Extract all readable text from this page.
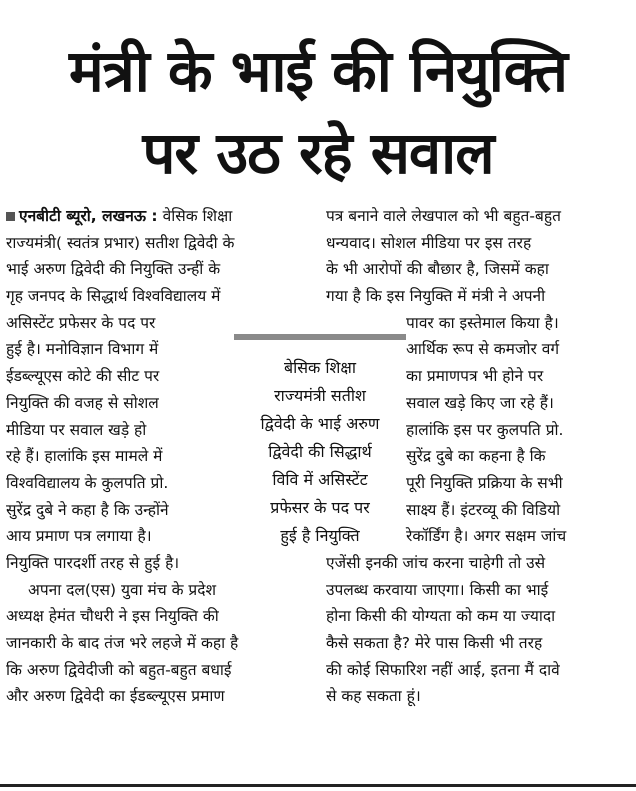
मंत्री के भाई की नियुक्ति
पर उठ रहे सवाल
एनबीटी ब्यूरो, लखनऊ : वेसिक शिक्षा
राज्यमंत्री( स्वतंत्र प्रभार) सतीश द्विवेदी के
भाई अरुण द्विवेदी की नियुक्ति उन्हीं के
गृह जनपद के सिद्धार्थ विश्वविद्यालय में
असिस्टेंट प्रफेसर के पद पर
हुई है। मनोविज्ञान विभाग में
ईडब्ल्यूएस कोटे की सीट पर
नियुक्ति की वजह से सोशल
मीडिया पर सवाल खड़े हो
रहे हैं। हालांकि इस मामले में
विश्वविद्यालय के कुलपति प्रो.
सुरेंद्र दुबे ने कहा है कि उन्होंने
आय प्रमाण पत्र लगाया है।
नियुक्ति पारदर्शी तरह से हुई है।
अपना दल(एस) युवा मंच के प्रदेश
अध्यक्ष हेमंत चौधरी ने इस नियुक्ति की
जानकारी के बाद तंज भरे लहजे में कहा है
कि अरुण द्विवेदीजी को बहुत-बहुत बधाई
और अरुण द्विवेदी का ईडब्ल्यूएस प्रमाण
पत्र बनाने वाले लेखपाल को भी बहुत-बहुत
धन्यवाद। सोशल मीडिया पर इस तरह
के भी आरोपों की बौछार है, जिसमें कहा
गया है कि इस नियुक्ति में मंत्री ने अपनी
पावर का इस्तेमाल किया है।
आर्थिक रूप से कमजोर वर्ग
का प्रमाणपत्र भी होने पर
सवाल खड़े किए जा रहे हैं।
हालांकि इस पर कुलपति प्रो.
सुरेंद्र दुबे का कहना है कि
पूरी नियुक्ति प्रक्रिया के सभी
साक्ष्य हैं। इंटरव्यू की विडियो
रेकॉर्डिंग है। अगर सक्षम जांच
एजेंसी इनकी जांच करना चाहेगी तो उसे
उपलब्ध करवाया जाएगा। किसी का भाई
होना किसी की योग्यता को कम या ज्यादा
कैसे सकता है? मेरे पास किसी भी तरह
की कोई सिफारिश नहीं आई, इतना मैं दावे
से कह सकता हूं।
बेसिक शिक्षा
राज्यमंत्री सतीश
द्विवेदी के भाई अरुण
द्विवेदी की सिद्धार्थ
विवि में असिस्टेंट
प्रफेसर के पद पर
हुई है नियुक्ति
